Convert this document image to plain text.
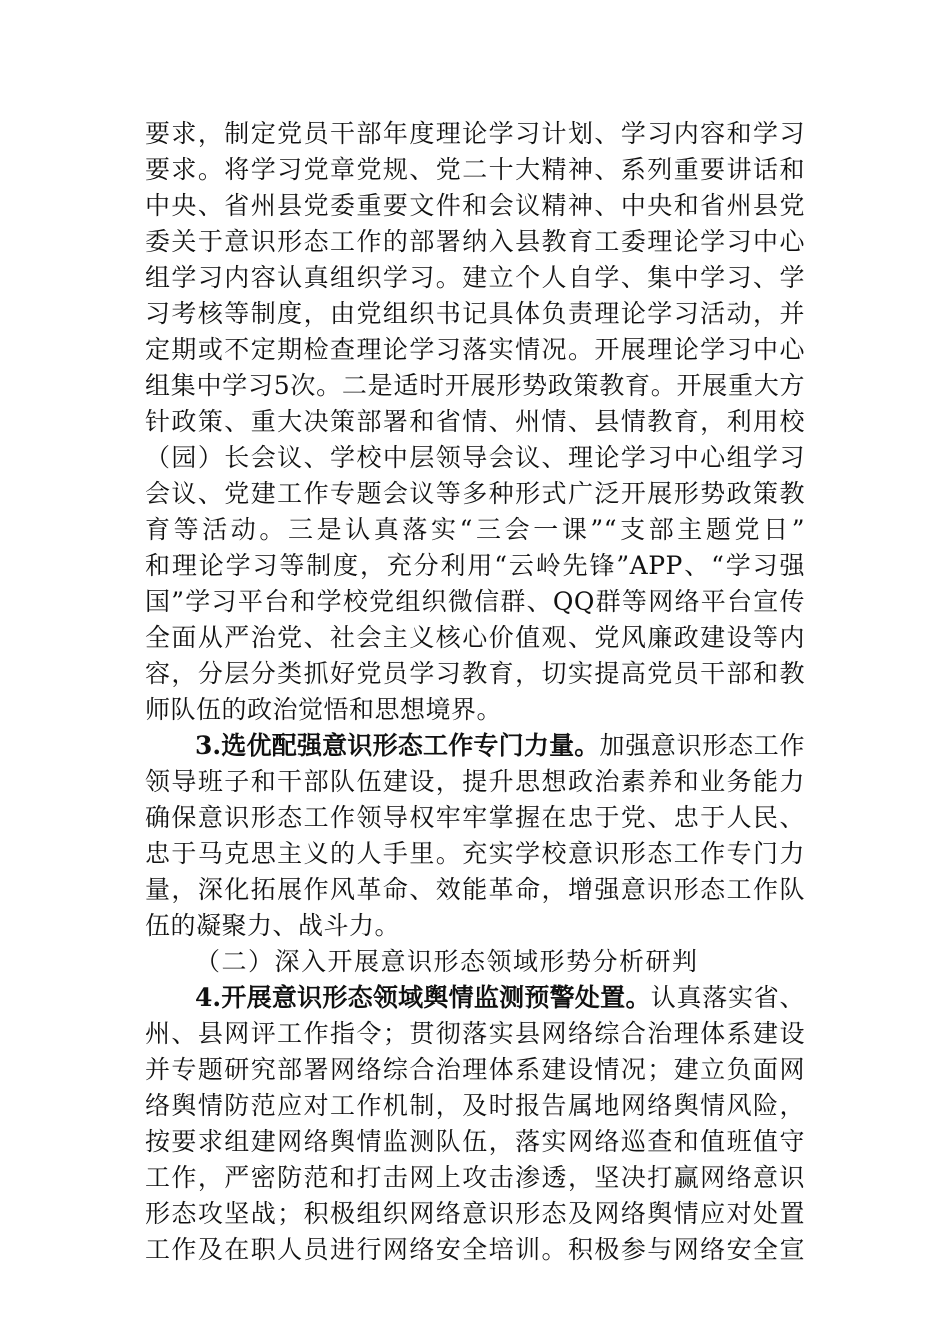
要求，制定党员干部年度理论学习计划、学习内容和学习
要求。将学习党章党规、党二十大精神、系列重要讲话和
中央、省州县党委重要文件和会议精神、中央和省州县党
委关于意识形态工作的部署纳入县教育工委理论学习中心
组学习内容认真组织学习。建立个人自学、集中学习、学
习考核等制度，由党组织书记具体负责理论学习活动，并
定期或不定期检查理论学习落实情况。开展理论学习中心
组集中学习5次。二是适时开展形势政策教育。开展重大方
针政策、重大决策部署和省情、州情、县情教育，利用校
（园）长会议、学校中层领导会议、理论学习中心组学习
会议、党建工作专题会议等多种形式广泛开展形势政策教
育等活动。三是认真落实“三会一课”“支部主题党日”
和理论学习等制度，充分利用“云岭先锋”APP、“学习强
国”学习平台和学校党组织微信群、QQ群等网络平台宣传
全面从严治党、社会主义核心价值观、党风廉政建设等内
容，分层分类抓好党员学习教育，切实提高党员干部和教
师队伍的政治觉悟和思想境界。
3.选优配强意识形态工作专门力量。加强意识形态工作
领导班子和干部队伍建设，提升思想政治素养和业务能力
确保意识形态工作领导权牢牢掌握在忠于党、忠于人民、
忠于马克思主义的人手里。充实学校意识形态工作专门力
量，深化拓展作风革命、效能革命，增强意识形态工作队
伍的凝聚力、战斗力。
（二）深入开展意识形态领域形势分析研判
4.开展意识形态领域舆情监测预警处置。认真落实省、
州、县网评工作指令；贯彻落实县网络综合治理体系建设
并专题研究部署网络综合治理体系建设情况；建立负面网
络舆情防范应对工作机制，及时报告属地网络舆情风险，
按要求组建网络舆情监测队伍，落实网络巡查和值班值守
工作，严密防范和打击网上攻击渗透，坚决打赢网络意识
形态攻坚战；积极组织网络意识形态及网络舆情应对处置
工作及在职人员进行网络安全培训。积极参与网络安全宣
